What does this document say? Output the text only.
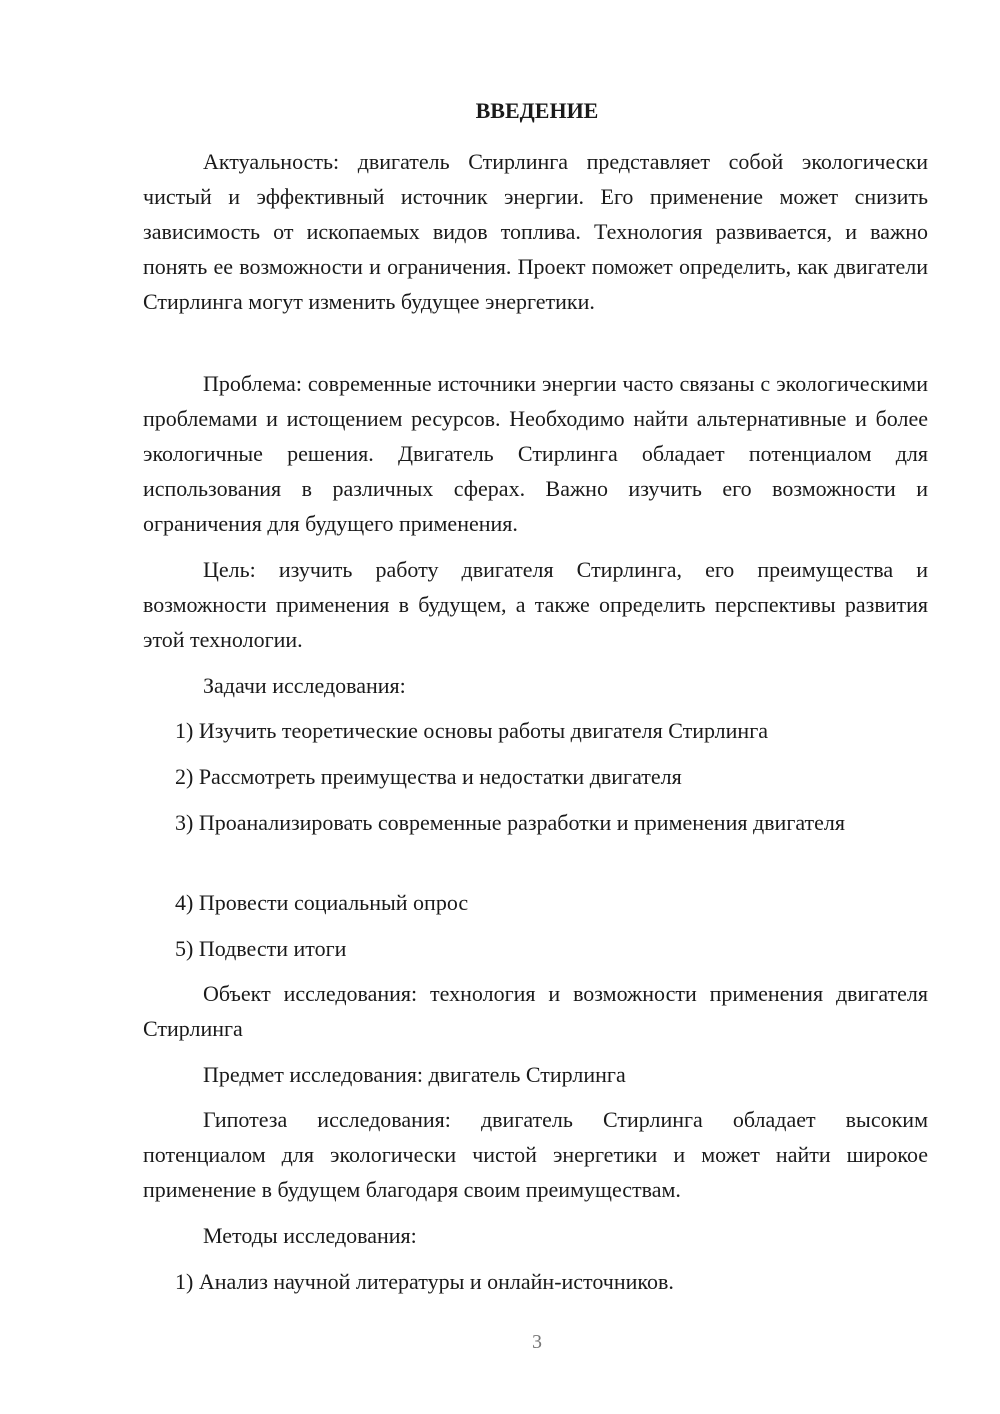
ВВЕДЕНИЕ

Актуальность: двигатель Стирлинга представляет собой экологически чистый и эффективный источник энергии. Его применение может снизить зависимость от ископаемых видов топлива. Технология развивается, и важно понять ее возможности и ограничения. Проект поможет определить, как двигатели Стирлинга могут изменить будущее энергетики.

Проблема: современные источники энергии часто связаны с экологическими проблемами и истощением ресурсов. Необходимо найти альтернативные и более экологичные решения. Двигатель Стирлинга обладает потенциалом для использования в различных сферах. Важно изучить его возможности и ограничения для будущего применения.

Цель: изучить работу двигателя Стирлинга, его преимущества и возможности применения в будущем, а также определить перспективы развития этой технологии.

Задачи исследования:

1) Изучить теоретические основы работы двигателя Стирлинга

2) Рассмотреть преимущества и недостатки двигателя

3) Проанализировать современные разработки и применения двигателя

4) Провести социальный опрос

5) Подвести итоги

Объект исследования: технология и возможности применения двигателя Стирлинга

Предмет исследования: двигатель Стирлинга

Гипотеза исследования: двигатель Стирлинга обладает высоким потенциалом для экологически чистой энергетики и может найти широкое применение в будущем благодаря своим преимуществам.

Методы исследования:

1) Анализ научной литературы и онлайн-источников.

3
